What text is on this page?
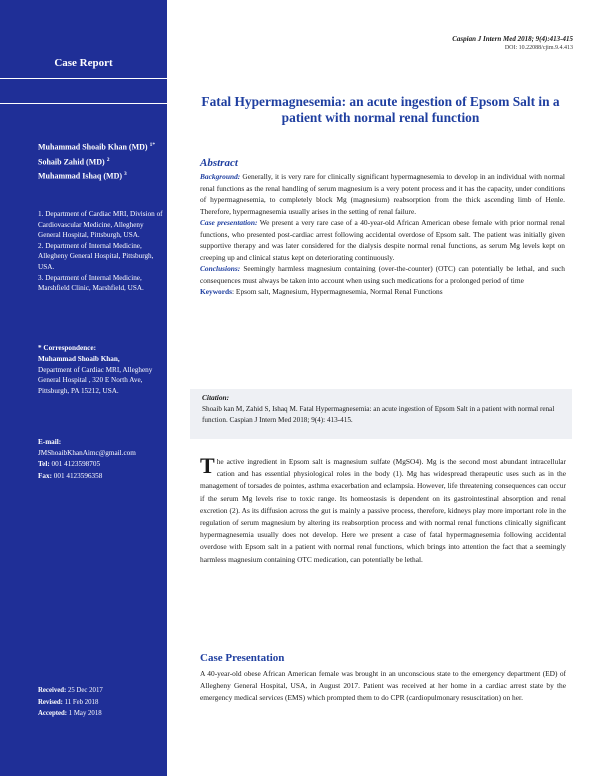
Case Report
Muhammad Shoaib Khan (MD) $^{1*}$
Sohaib Zahid (MD) $^2$
Muhammad Ishaq (MD) $^3$
1. Department of Cardiac MRI, Division of Cardiovascular Medicine, Allegheny General Hospital, Pittsburgh, USA.
2. Department of Internal Medicine, Allegheny General Hospital, Pittsburgh, USA.
3. Department of Internal Medicine, Marshfield Clinic, Marshfield, USA.
* Correspondence:
Muhammad Shoaib Khan,
Department of Cardiac MRI, Allegheny General Hospital , 320 E North Ave, Pittsburgh, PA 15212, USA.
E-mail:
JMShoaibKhanAimc@gmail.com
Tel: 001 4123598705
Fax: 001 4123596358
Received: 25 Dec 2017
Revised: 11 Feb 2018
Accepted: 1 May 2018
Caspian J Intern Med 2018; 9(4):413-415
DOI: 10.22088/cjim.9.4.413
Fatal Hypermagnesemia: an acute ingestion of Epsom Salt in a patient with normal renal function
Abstract

Background: Generally, it is very rare for clinically significant hypermagnesemia to develop in an individual with normal renal functions as the renal handling of serum magnesium is a very potent process and it has the capacity, under conditions of hypermagnesemia, to completely block Mg (magnesium) reabsorption from the thick ascending limb of Henle. Therefore, hypermagnesemia usually arises in the setting of renal failure.

Case presentation: We present a very rare case of a 40-year-old African American obese female with prior normal renal functions, who presented post-cardiac arrest following accidental overdose of Epsom salt. The patient was initially given supportive therapy and was later considered for the dialysis despite normal renal functions, as serum Mg levels kept on creeping up and clinical status kept on deteriorating continuously.

Conclusions: Seemingly harmless magnesium containing (over-the-counter) (OTC) can potentially be lethal, and such consequences must always be taken into account when using such medications for a prolonged period of time

Keywords: Epsom salt, Magnesium, Hypermagnesemia, Normal Renal Functions

Citation:
Shoaib kan M, Zahid S, Ishaq M. Fatal Hypermagnesemia: an acute ingestion of Epsom Salt in a patient with normal renal function. Caspian J Intern Med 2018; 9(4): 413-415.
The active ingredient in Epsom salt is magnesium sulfate (MgSO4). Mg is the second most abundant intracellular cation and has essential physiological roles in the body (1). Mg has widespread therapeutic uses such as in the management of torsades de pointes, asthma exacerbation and eclampsia. However, life threatening consequences can occur if the serum Mg levels rise to toxic range. Its homeostasis is dependent on its gastrointestinal absorption and renal excretion (2). As its diffusion across the gut is mainly a passive process, therefore, kidneys play more important role in the regulation of serum magnesium by altering its reabsorption process and with normal renal functions clinically significant hypermagnesemia usually does not develop. Here we present a case of fatal hypermagnesemia following accidental overdose with Epsom salt in a patient with normal renal functions, which brings into attention the fact that a seemingly harmless magnesium containing OTC medication, can potentially be lethal.
Case Presentation
A 40-year-old obese African American female was brought in an unconscious state to the emergency department (ED) of Allegheny General Hospital, USA, in August 2017. Patient was received at her home in a cardiac arrest state by the emergency medical services (EMS) which prompted them to do CPR (cardiopulmonary resuscitation) on her.
